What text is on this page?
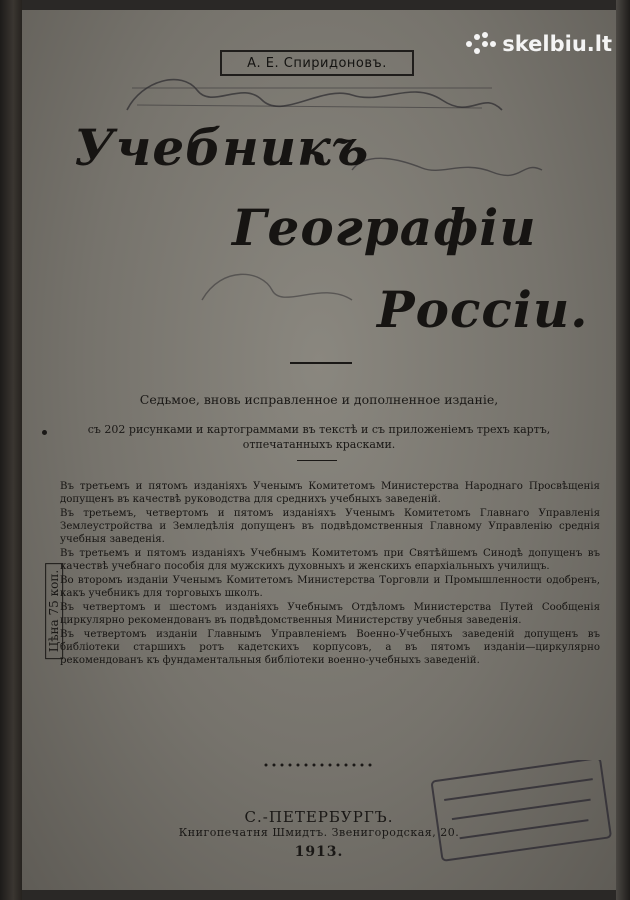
А. Е. Спиридоновъ.
Учебникъ
Географіи
Россіи.
Седьмое, вновь исправленное и дополненное изданіе,
съ 202 рисунками и картограммами въ текстѣ и съ приложеніемъ трехъ картъ,
отпечатанныхъ красками.
Цѣна 75 коп.
Въ третьемъ и пятомъ изданіяхъ Ученымъ Комитетомъ Министерства Народнаго Просвѣщенія допущенъ въ качествѣ руководства для среднихъ учебныхъ заведеній.
Въ третьемъ, четвертомъ и пятомъ изданіяхъ Ученымъ Комитетомъ Главнаго Управленія Землеустройства и Земледѣлія допущенъ въ подвѣдомственныя Главному Управленію среднія учебныя заведенія.
Въ третьемъ и пятомъ изданіяхъ Учебнымъ Комитетомъ при Святѣйшемъ Синодѣ допущенъ въ качествѣ учебнаго пособія для мужскихъ духовныхъ и женскихъ епархіальныхъ училищъ.
Во второмъ изданіи Ученымъ Комитетомъ Министерства Торговли и Промышленности одобренъ, какъ учебникъ для торговыхъ школъ.
Въ четвертомъ и шестомъ изданіяхъ Учебнымъ Отдѣломъ Министерства Путей Сообщенія циркулярно рекомендованъ въ подвѣдомственныя Министерству учебныя заведенія.
Въ четвертомъ изданіи Главнымъ Управленіемъ Военно-Учебныхъ заведеній допущенъ въ библіотеки старшихъ ротъ кадетскихъ корпусовъ, а въ пятомъ изданіи—циркулярно рекомендованъ къ фундаментальныя библіотеки военно-учебныхъ заведеній.
С.-ПЕТЕРБУРГЪ.
Книгопечатня Шмидтъ. Звенигородская, 20.
1913.
skelbiu.lt
